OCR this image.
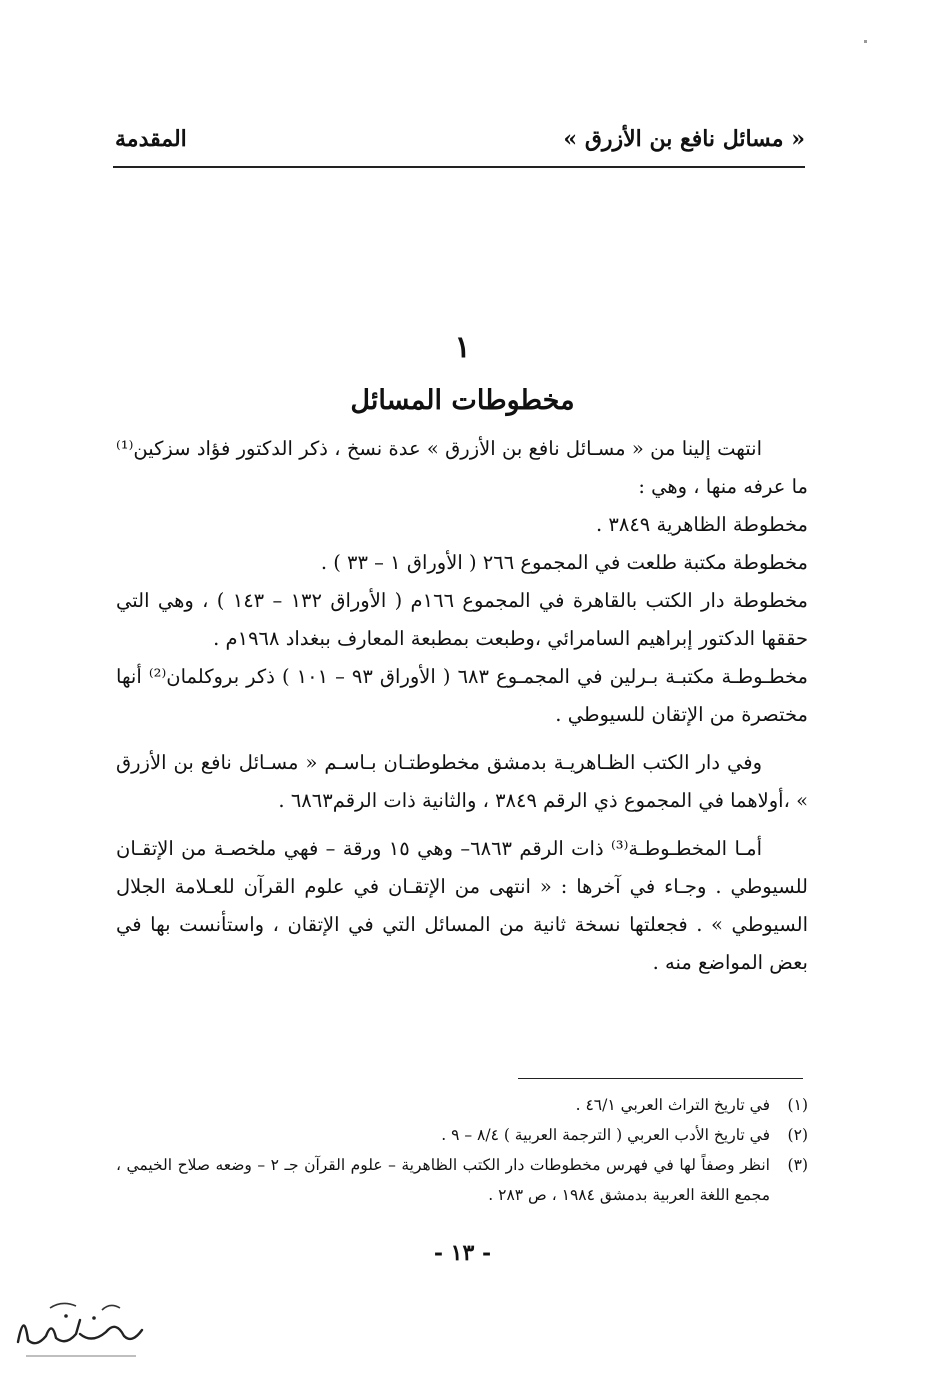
« مسائل نافع بن الأزرق »
المقدمة
١
مخطوطات المسائل

انتهت إلينا من « مسـائل نافع بن الأزرق » عدة نسخ ، ذكر الدكتور فؤاد سزكين⁽¹⁾ ما عرفه منها ، وهي :

مخطوطة الظاهرية ٣٨٤٩ .

مخطوطة مكتبة طلعت في المجموع ٢٦٦ ( الأوراق ١ – ٣٣ ) .

مخطوطة دار الكتب بالقاهرة في المجموع ١٦٦م ( الأوراق ١٣٢ – ١٤٣ ) ، وهي التي حققها الدكتور إبراهيم السامرائي ،وطبعت بمطبعة المعارف ببغداد ١٩٦٨م .

مخطـوطـة مكتبـة بـرلين في المجمـوع ٦٨٣ ( الأوراق ٩٣ – ١٠١ ) ذكر بروكلمان⁽²⁾ أنها مختصرة من الإتقان للسيوطي .

وفي دار الكتب الظـاهريـة بدمشق مخطوطتـان بـاسـم « مسـائل نافع بن الأزرق » ،أولاهما في المجموع ذي الرقم ٣٨٤٩ ، والثانية ذات الرقم٦٨٦٣ .

أمـا المخطـوطـة⁽³⁾ ذات الرقم ٦٨٦٣– وهي ١٥ ورقة – فهي ملخصـة من الإتقـان للسيوطي . وجـاء في آخرها : « انتهى من الإتقـان في علوم القرآن للعـلامة الجلال السيوطي » . فجعلتها نسخة ثانية من المسائل التي في الإتقان ، واستأنست بها في بعض المواضع منه .

(١)
في تاريخ التراث العربي ٤٦/١ .
(٢)
في تاريخ الأدب العربي ( الترجمة العربية ) ٨/٤ – ٩ .
(٣)
انظر وصفاً لها في فهرس مخطوطات دار الكتب الظاهرية – علوم القرآن جـ ٢ – وضعه صلاح الخيمي ، مجمع اللغة العربية بدمشق ١٩٨٤ ، ص ٢٨٣ .
- ١٣ -
